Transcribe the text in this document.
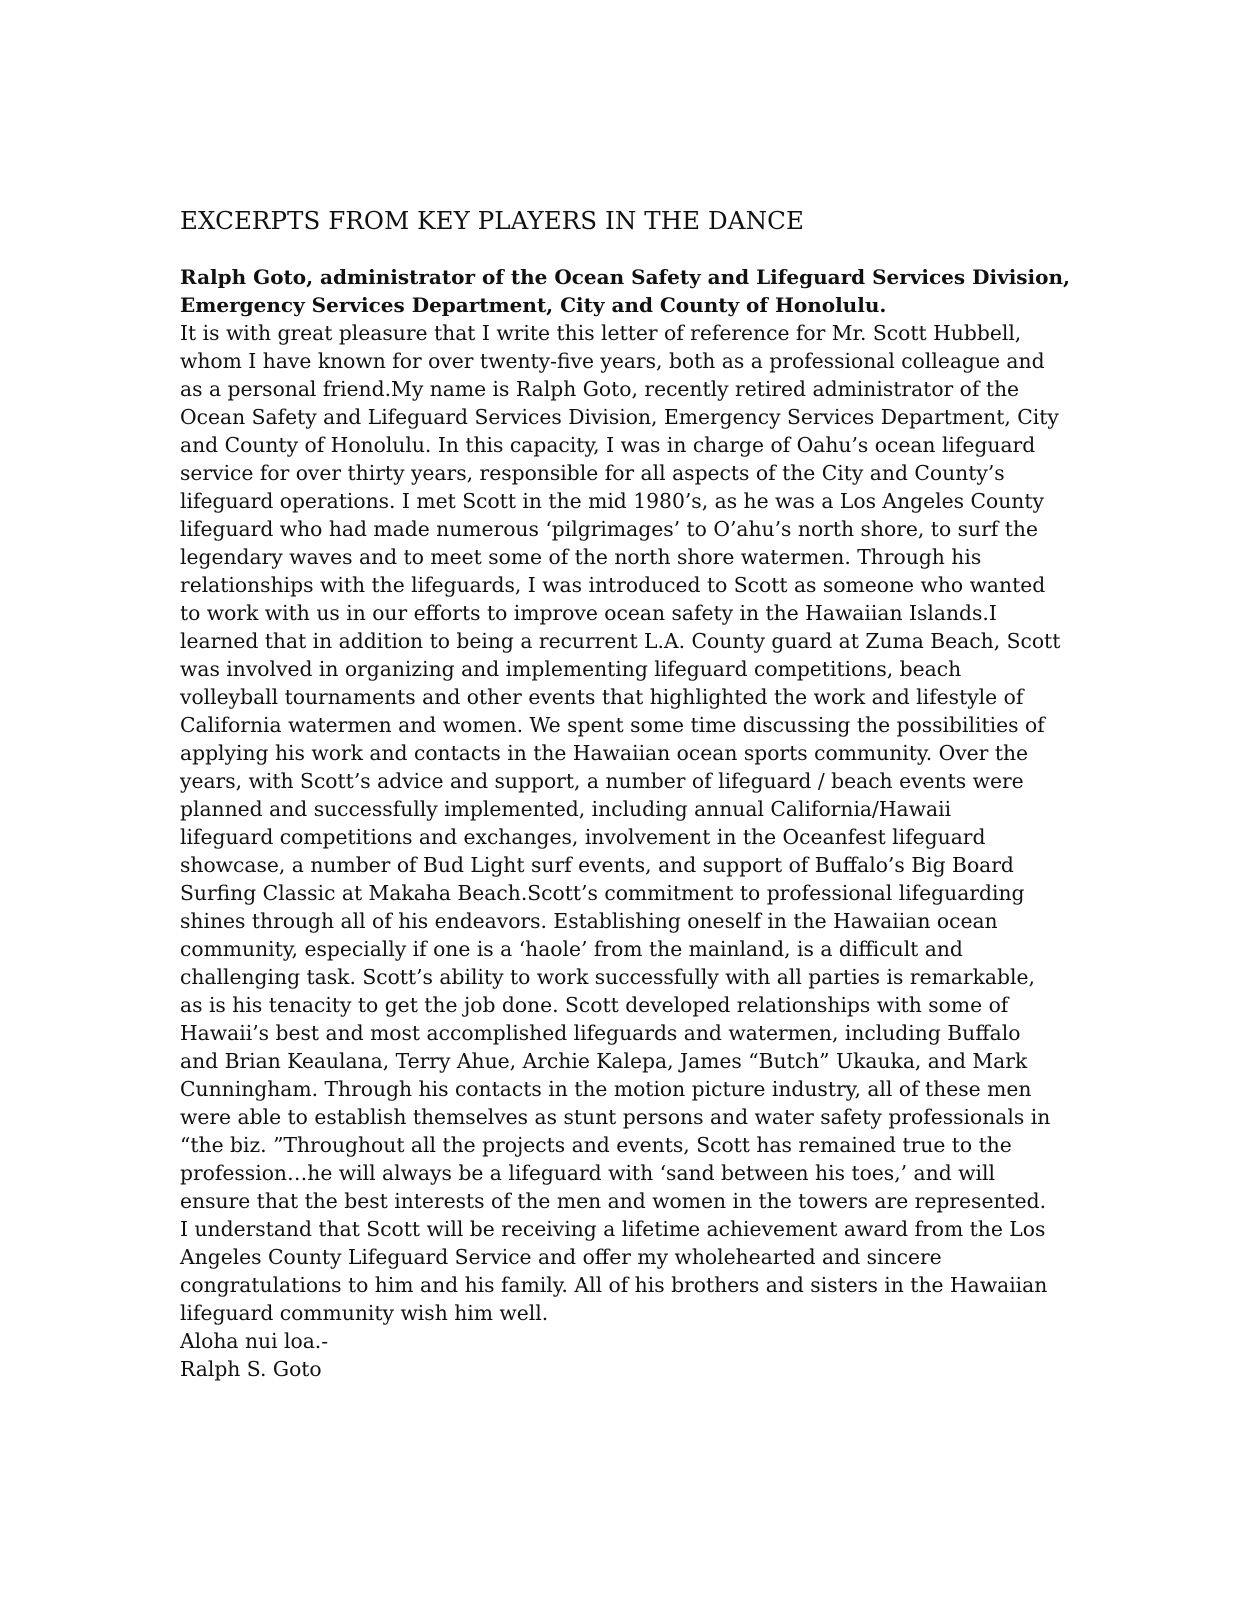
EXCERPTS FROM KEY PLAYERS IN THE DANCE
Ralph Goto, administrator of the Ocean Safety and Lifeguard Services Division,
Emergency Services Department, City and County of Honolulu.
It is with great pleasure that I write this letter of reference for Mr. Scott Hubbell,
whom I have known for over twenty-five years, both as a professional colleague and
as a personal friend.My name is Ralph Goto, recently retired administrator of the
Ocean Safety and Lifeguard Services Division, Emergency Services Department, City
and County of Honolulu. In this capacity, I was in charge of Oahu’s ocean lifeguard
service for over thirty years, responsible for all aspects of the City and County’s
lifeguard operations. I met Scott in the mid 1980’s, as he was a Los Angeles County
lifeguard who had made numerous ‘pilgrimages’ to O’ahu’s north shore, to surf the
legendary waves and to meet some of the north shore watermen. Through his
relationships with the lifeguards, I was introduced to Scott as someone who wanted
to work with us in our efforts to improve ocean safety in the Hawaiian Islands.I
learned that in addition to being a recurrent L.A. County guard at Zuma Beach, Scott
was involved in organizing and implementing lifeguard competitions, beach
volleyball tournaments and other events that highlighted the work and lifestyle of
California watermen and women. We spent some time discussing the possibilities of
applying his work and contacts in the Hawaiian ocean sports community. Over the
years, with Scott’s advice and support, a number of lifeguard / beach events were
planned and successfully implemented, including annual California/Hawaii
lifeguard competitions and exchanges, involvement in the Oceanfest lifeguard
showcase, a number of Bud Light surf events, and support of Buffalo’s Big Board
Surfing Classic at Makaha Beach.Scott’s commitment to professional lifeguarding
shines through all of his endeavors. Establishing oneself in the Hawaiian ocean
community, especially if one is a ‘haole’ from the mainland, is a difficult and
challenging task. Scott’s ability to work successfully with all parties is remarkable,
as is his tenacity to get the job done. Scott developed relationships with some of
Hawaii’s best and most accomplished lifeguards and watermen, including Buffalo
and Brian Keaulana, Terry Ahue, Archie Kalepa, James “Butch” Ukauka, and Mark
Cunningham. Through his contacts in the motion picture industry, all of these men
were able to establish themselves as stunt persons and water safety professionals in
“the biz. ”Throughout all the projects and events, Scott has remained true to the
profession…he will always be a lifeguard with ‘sand between his toes,’ and will
ensure that the best interests of the men and women in the towers are represented.
I understand that Scott will be receiving a lifetime achievement award from the Los
Angeles County Lifeguard Service and offer my wholehearted and sincere
congratulations to him and his family. All of his brothers and sisters in the Hawaiian
lifeguard community wish him well.
Aloha nui loa.-
Ralph S. Goto
